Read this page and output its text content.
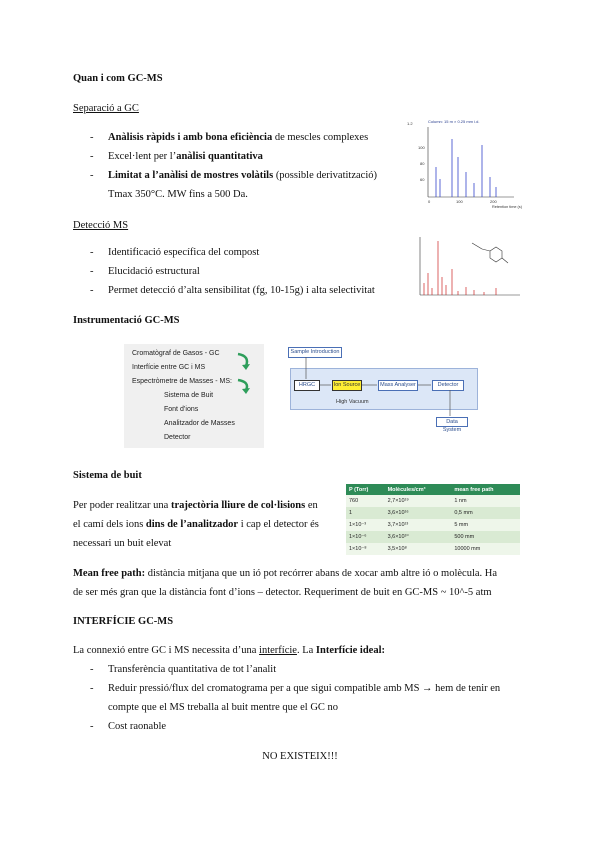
Quan i com GC-MS
Separació a GC
- Anàlisis ràpids i amb bona eficiència de mescles complexes
- Excel·lent per l’anàlisi quantitativa
- Limitat a l’anàlisi de mostres volàtils (possible derivatització)
Tmax 350°C. MW fins a 500 Da.
Column: 15 m × 0.25 mm i.d.
1.2
100
80
60
0	100	200
Retention time (s)
Detecció MS
- Identificació específica del compost
- Elucidació estructural
- Permet detecció d’alta sensibilitat (fg, 10-15g) i alta selectivitat
Instrumentació GC-MS
Cromatògraf de Gasos - GC
Interfície entre GC i MS
Espectròmetre de Masses - MS:
Sistema de Buit
Font d’ions
Analitzador de Masses
Detector
Sample Introduction
HRGC	Ion Source	Mass Analyser	Detector
High Vacuum
Data System
Sistema de buit
Per poder realitzar una trajectòria lliure de col·lisions en
el camí dels ions dins de l’analitzador i cap el detector és
necessari un buit elevat
P (Torr)	Molècules/cm³	mean free path
760	2,7×10¹⁹	1 nm
1	3,6×10¹⁶	0,5 mm
1×10⁻³	3,7×10¹³	5 mm
1×10⁻⁶	3,6×10¹⁰	500 mm
1×10⁻⁸	3,5×10⁸	10000 mm
Mean free path: distància mitjana que un ió pot recórrer abans de xocar amb altre ió o molècula. Ha
de ser més gran que la distància font d’ions – detector. Requeriment de buit en GC-MS ~ 10^-5 atm
INTERFÍCIE GC-MS
La connexió entre GC i MS necessita d’una interfície. La Interfície ideal:
- Transferència quantitativa de tot l’analit
- Reduir pressió/flux del cromatograma per a que sigui compatible amb MS → hem de tenir en
compte que el MS treballa al buit mentre que el GC no
- Cost raonable
NO EXISTEIX!!!
